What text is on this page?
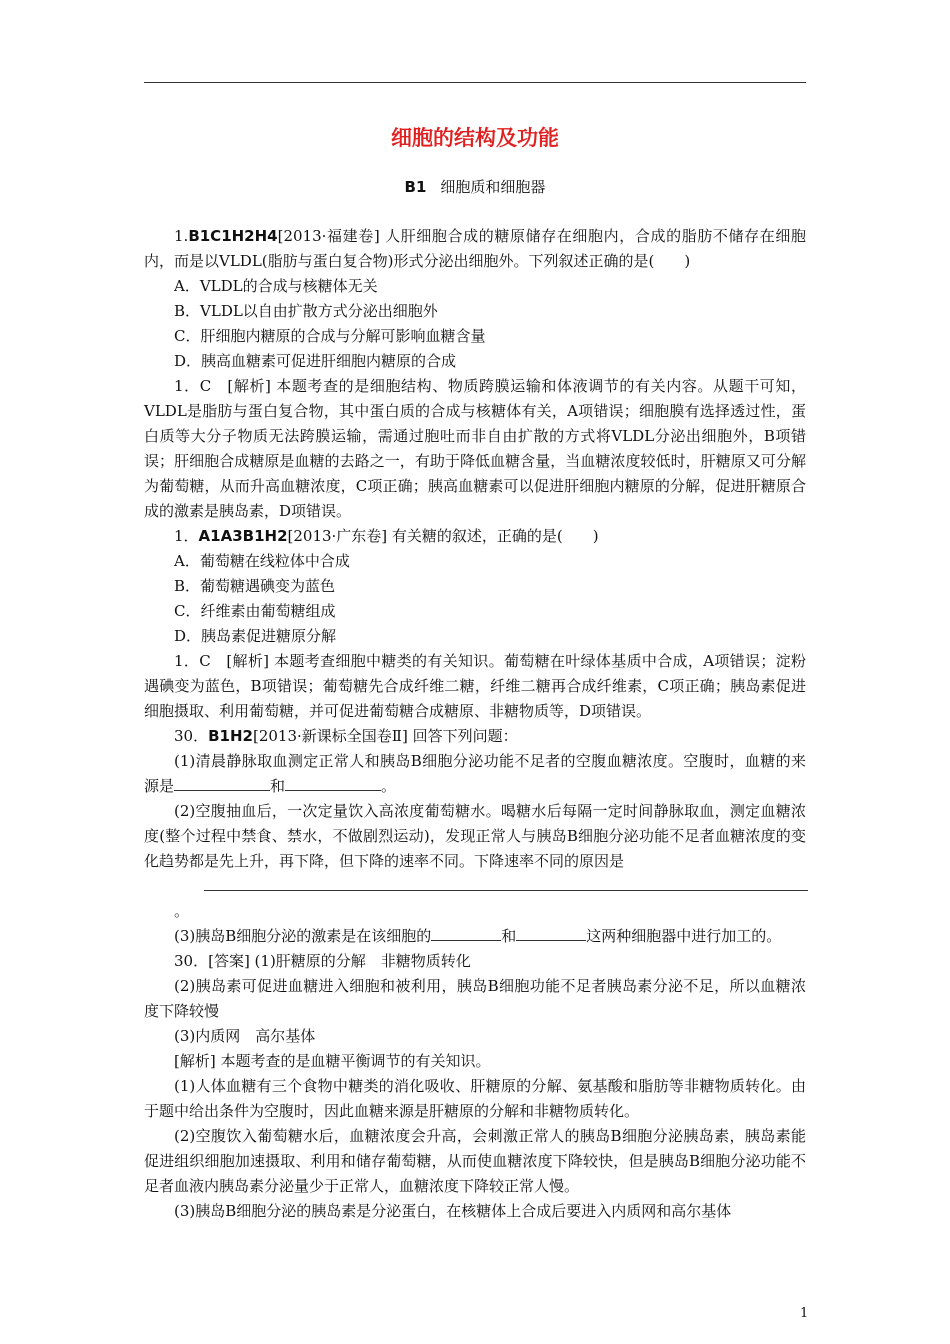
细胞的结构及功能
B1 细胞质和细胞器

1.B1C1H2H4[2013·福建卷] 人肝细胞合成的糖原储存在细胞内，合成的脂肪不储存在细胞内，而是以VLDL(脂肪与蛋白复合物)形式分泌出细胞外。下列叙述正确的是(　　)

A．VLDL的合成与核糖体无关

B．VLDL以自由扩散方式分泌出细胞外

C．肝细胞内糖原的合成与分解可影响血糖含量

D．胰高血糖素可促进肝细胞内糖原的合成

1．C　[解析] 本题考查的是细胞结构、物质跨膜运输和体液调节的有关内容。从题干可知，VLDL是脂肪与蛋白复合物，其中蛋白质的合成与核糖体有关，A项错误；细胞膜有选择透过性，蛋白质等大分子物质无法跨膜运输，需通过胞吐而非自由扩散的方式将VLDL分泌出细胞外，B项错误；肝细胞合成糖原是血糖的去路之一，有助于降低血糖含量，当血糖浓度较低时，肝糖原又可分解为葡萄糖，从而升高血糖浓度，C项正确；胰高血糖素可以促进肝细胞内糖原的分解，促进肝糖原合成的激素是胰岛素，D项错误。

1．A1A3B1H2[2013·广东卷] 有关糖的叙述，正确的是(　　)

A．葡萄糖在线粒体中合成

B．葡萄糖遇碘变为蓝色

C．纤维素由葡萄糖组成

D．胰岛素促进糖原分解

1．C　[解析] 本题考查细胞中糖类的有关知识。葡萄糖在叶绿体基质中合成，A项错误；淀粉遇碘变为蓝色，B项错误；葡萄糖先合成纤维二糖，纤维二糖再合成纤维素，C项正确；胰岛素促进细胞摄取、利用葡萄糖，并可促进葡萄糖合成糖原、非糖物质等，D项错误。

30．B1H2[2013·新课标全国卷Ⅱ] 回答下列问题：

(1)清晨静脉取血测定正常人和胰岛B细胞分泌功能不足者的空腹血糖浓度。空腹时，血糖的来源是	和	。

(2)空腹抽血后，一次定量饮入高浓度葡萄糖水。喝糖水后每隔一定时间静脉取血，测定血糖浓度(整个过程中禁食、禁水，不做剧烈运动)，发现正常人与胰岛B细胞分泌功能不足者血糖浓度的变化趋势都是先上升，再下降，但下降的速率不同。下降速率不同的原因是
。

(3)胰岛B细胞分泌的激素是在该细胞的	和	这两种细胞器中进行加工的。

30．[答案] (1)肝糖原的分解　非糖物质转化

(2)胰岛素可促进血糖进入细胞和被利用，胰岛B细胞功能不足者胰岛素分泌不足，所以血糖浓度下降较慢

(3)内质网　高尔基体

[解析] 本题考查的是血糖平衡调节的有关知识。

(1)人体血糖有三个食物中糖类的消化吸收、肝糖原的分解、氨基酸和脂肪等非糖物质转化。由于题中给出条件为空腹时，因此血糖来源是肝糖原的分解和非糖物质转化。

(2)空腹饮入葡萄糖水后，血糖浓度会升高，会刺激正常人的胰岛B细胞分泌胰岛素，胰岛素能促进组织细胞加速摄取、利用和储存葡萄糖，从而使血糖浓度下降较快，但是胰岛B细胞分泌功能不足者血液内胰岛素分泌量少于正常人，血糖浓度下降较正常人慢。

(3)胰岛B细胞分泌的胰岛素是分泌蛋白，在核糖体上合成后要进入内质网和高尔基体

1
